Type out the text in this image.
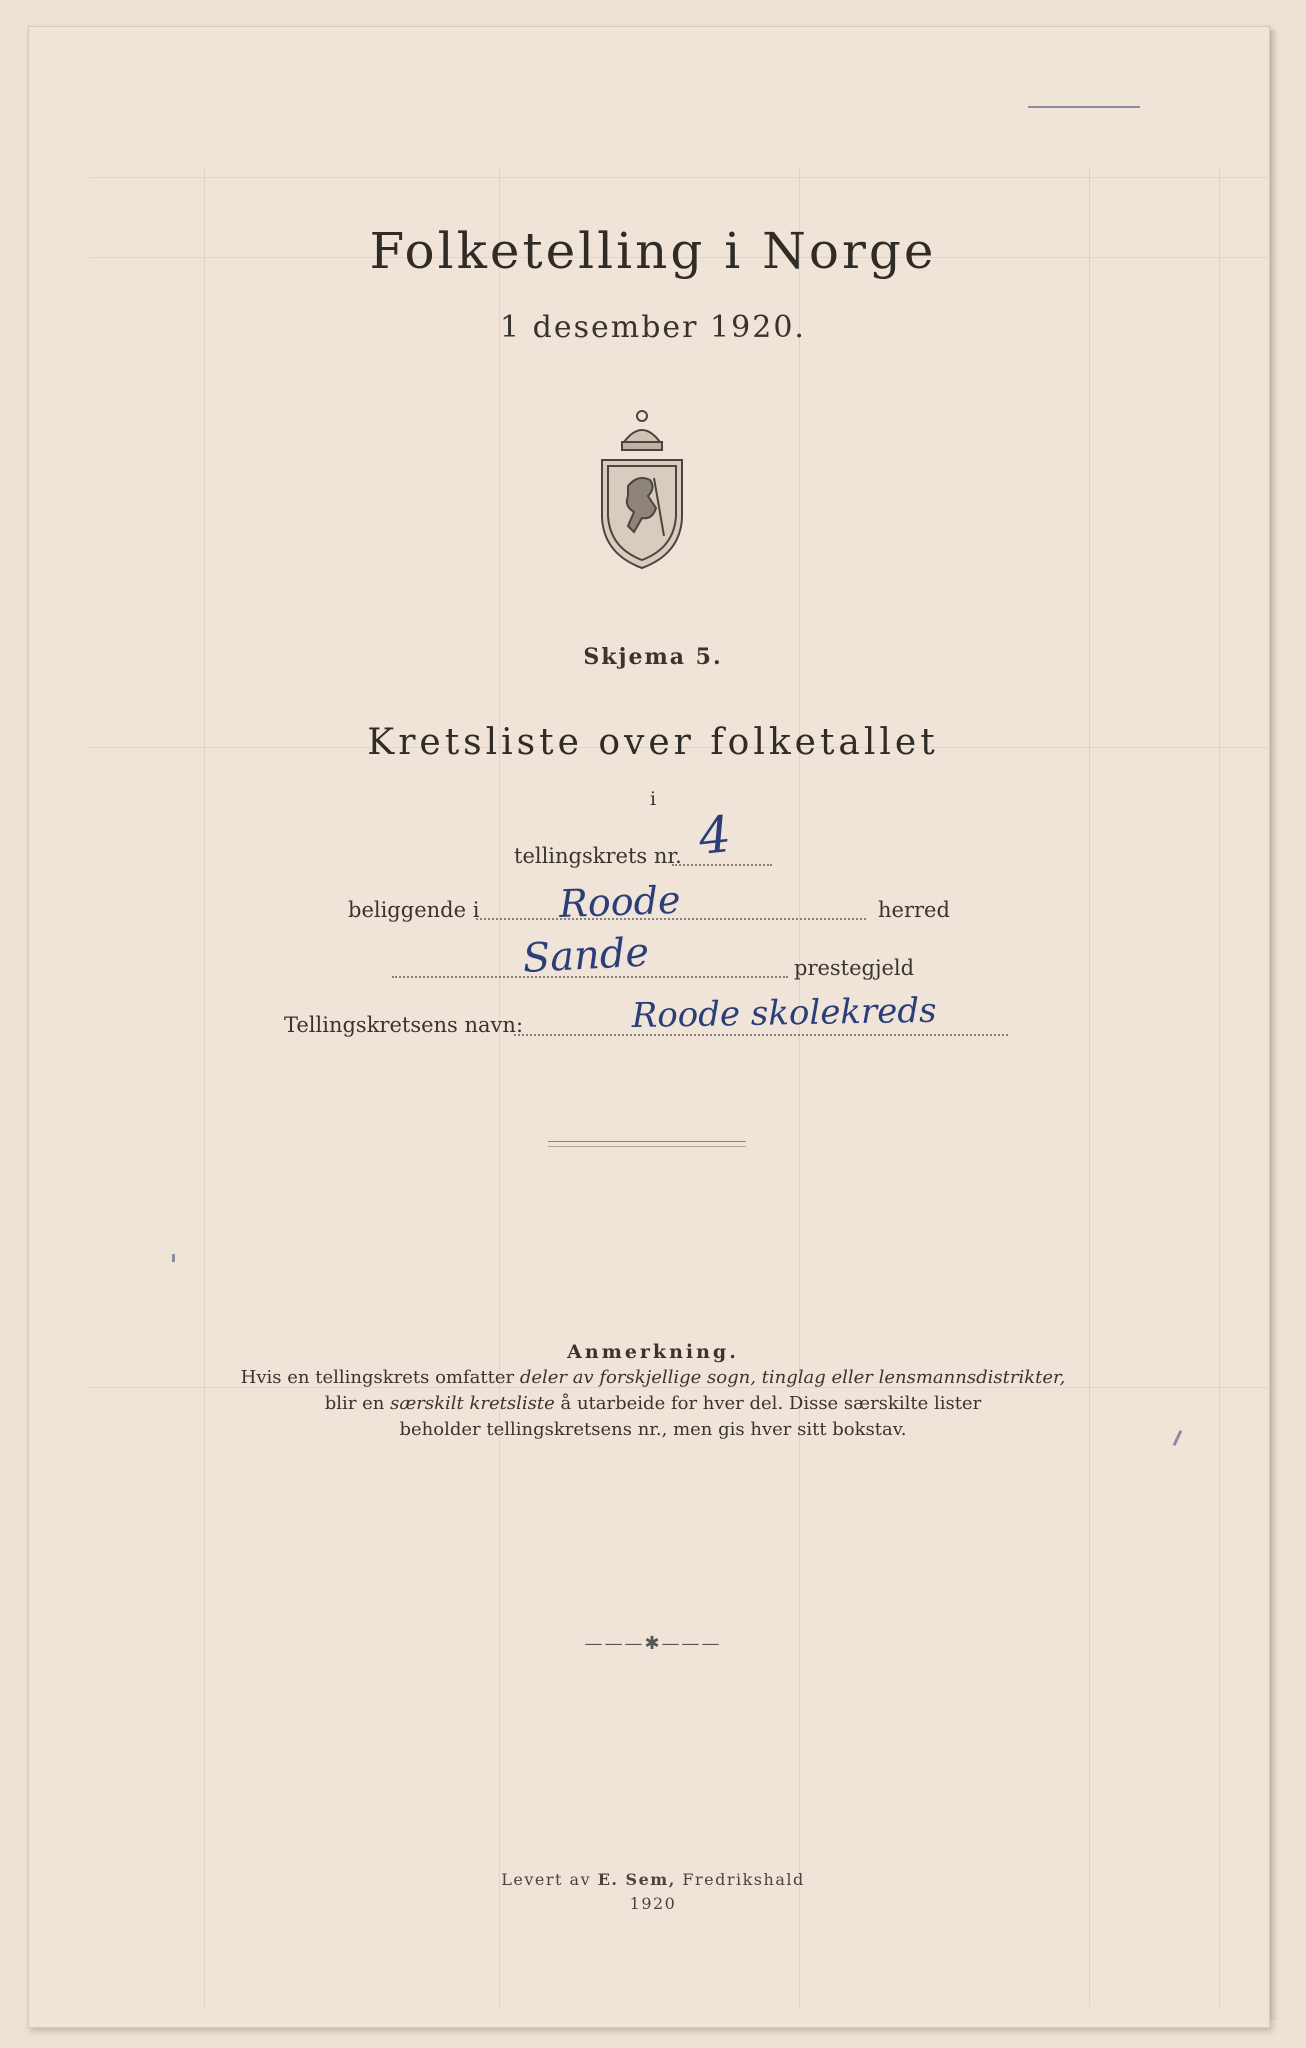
Folketelling i Norge
1 desember 1920.
Skjema 5.
Kretsliste over folketallet
i
tellingskrets nr. 4
beliggende i Roode	herred
Sande	prestegjeld
Tellingskretsens navn:	Roode skolekreds
Anmerkning.
Hvis en tellingskrets omfatter deler av forskjellige sogn, tinglag eller lensmannsdistrikter,
blir en særskilt kretsliste å utarbeide for hver del. Disse særskilte lister
beholder tellingskretsens nr., men gis hver sitt bokstav.
———✱———
Levert av E. Sem, Fredrikshald
1920
